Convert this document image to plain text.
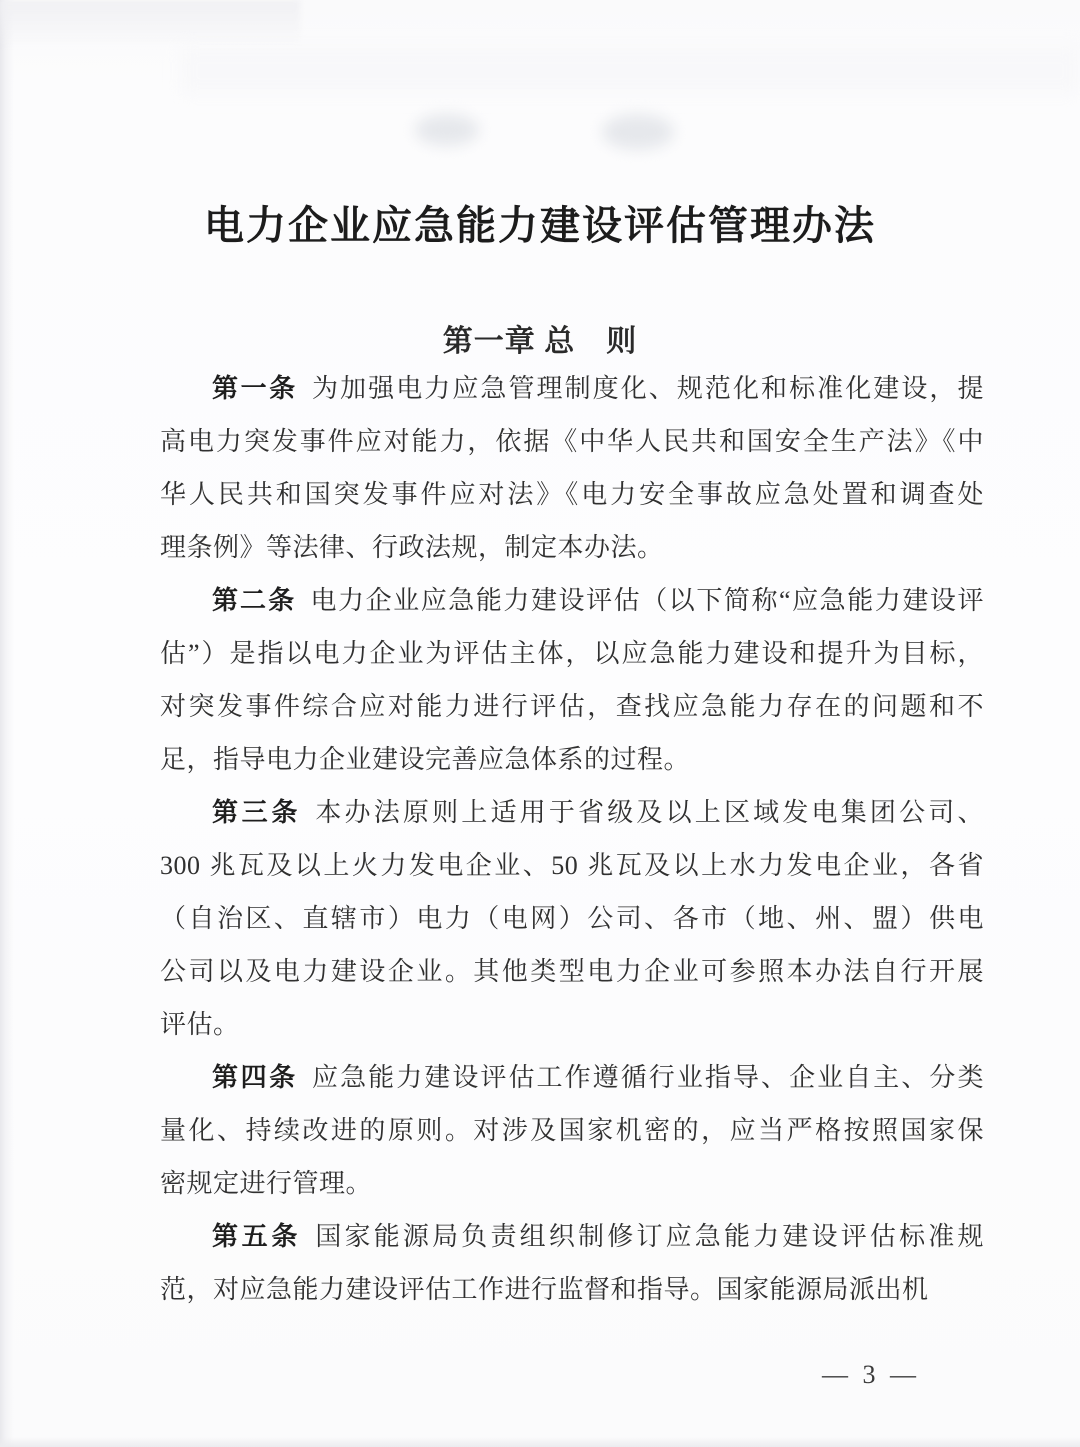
电力企业应急能力建设评估管理办法
第一章 总　则
第一条 为加强电力应急管理制度化、规范化和标准化建设，提
高电力突发事件应对能力，依据《中华人民共和国安全生产法》《中
华人民共和国突发事件应对法》《电力安全事故应急处置和调查处
理条例》等法律、行政法规，制定本办法。
第二条 电力企业应急能力建设评估（以下简称“应急能力建设评
估”）是指以电力企业为评估主体，以应急能力建设和提升为目标，
对突发事件综合应对能力进行评估，查找应急能力存在的问题和不
足，指导电力企业建设完善应急体系的过程。
第三条 本办法原则上适用于省级及以上区域发电集团公司、
300 兆瓦及以上火力发电企业、50 兆瓦及以上水力发电企业，各省
（自治区、直辖市）电力（电网）公司、各市（地、州、盟）供电
公司以及电力建设企业。其他类型电力企业可参照本办法自行开展
评估。
第四条 应急能力建设评估工作遵循行业指导、企业自主、分类
量化、持续改进的原则。对涉及国家机密的，应当严格按照国家保
密规定进行管理。
第五条 国家能源局负责组织制修订应急能力建设评估标准规
范，对应急能力建设评估工作进行监督和指导。国家能源局派出机
— 3 —
